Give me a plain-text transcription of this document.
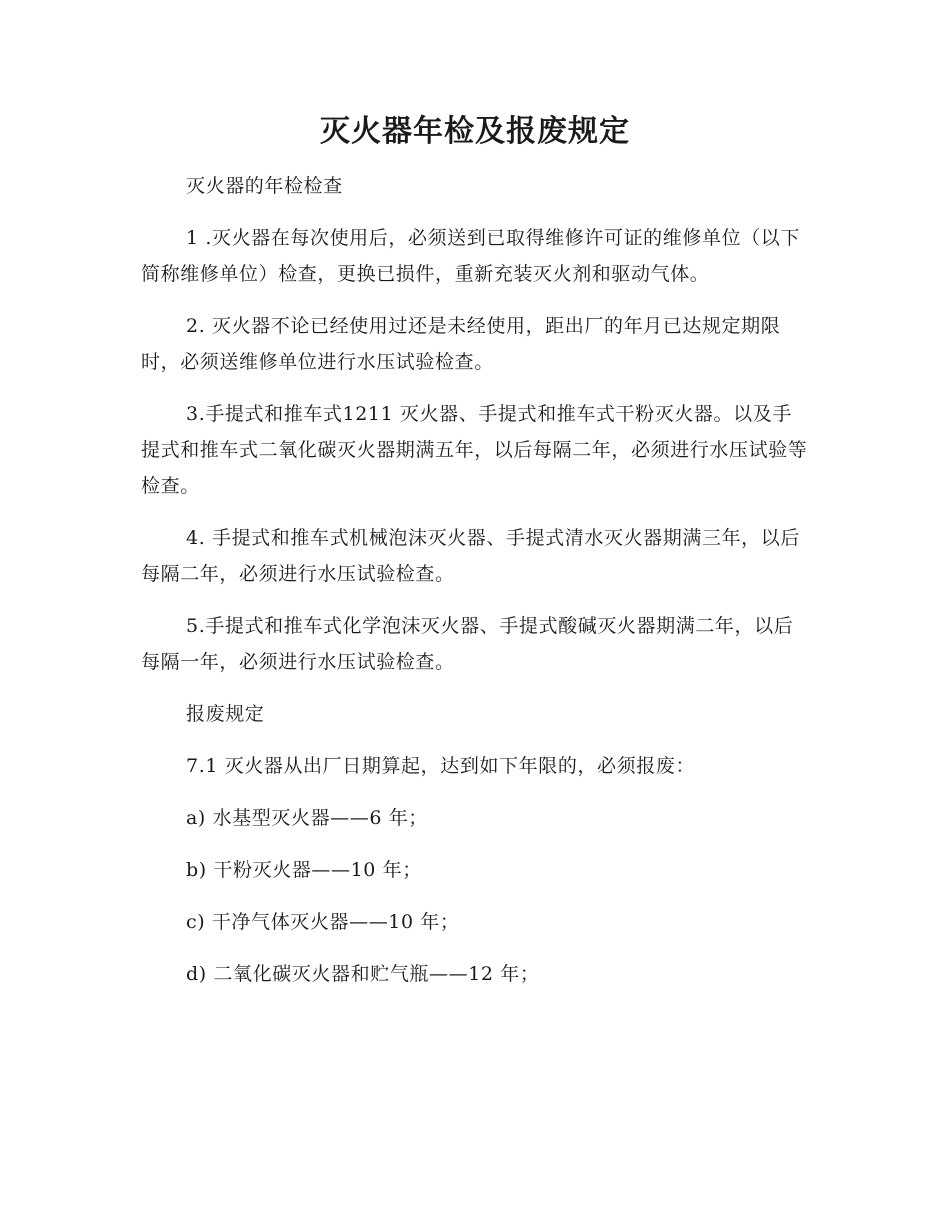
灭火器年检及报废规定

灭火器的年检检查

1 .灭火器在每次使用后，必须送到已取得维修许可证的维修单位（以下简称维修单位）检查，更换已损件，重新充装灭火剂和驱动气体。

2. 灭火器不论已经使用过还是未经使用，距出厂的年月已达规定期限时，必须送维修单位进行水压试验检查。

3.手提式和推车式1211 灭火器、手提式和推车式干粉灭火器。以及手提式和推车式二氧化碳灭火器期满五年，以后每隔二年，必须进行水压试验等检查。

4. 手提式和推车式机械泡沫灭火器、手提式清水灭火器期满三年，以后每隔二年，必须进行水压试验检查。

5.手提式和推车式化学泡沫灭火器、手提式酸碱灭火器期满二年，以后每隔一年，必须进行水压试验检查。

报废规定

7.1 灭火器从出厂日期算起，达到如下年限的，必须报废：

a) 水基型灭火器——6 年；

b) 干粉灭火器——10 年；

c) 干净气体灭火器——10 年；

d) 二氧化碳灭火器和贮气瓶——12 年；
